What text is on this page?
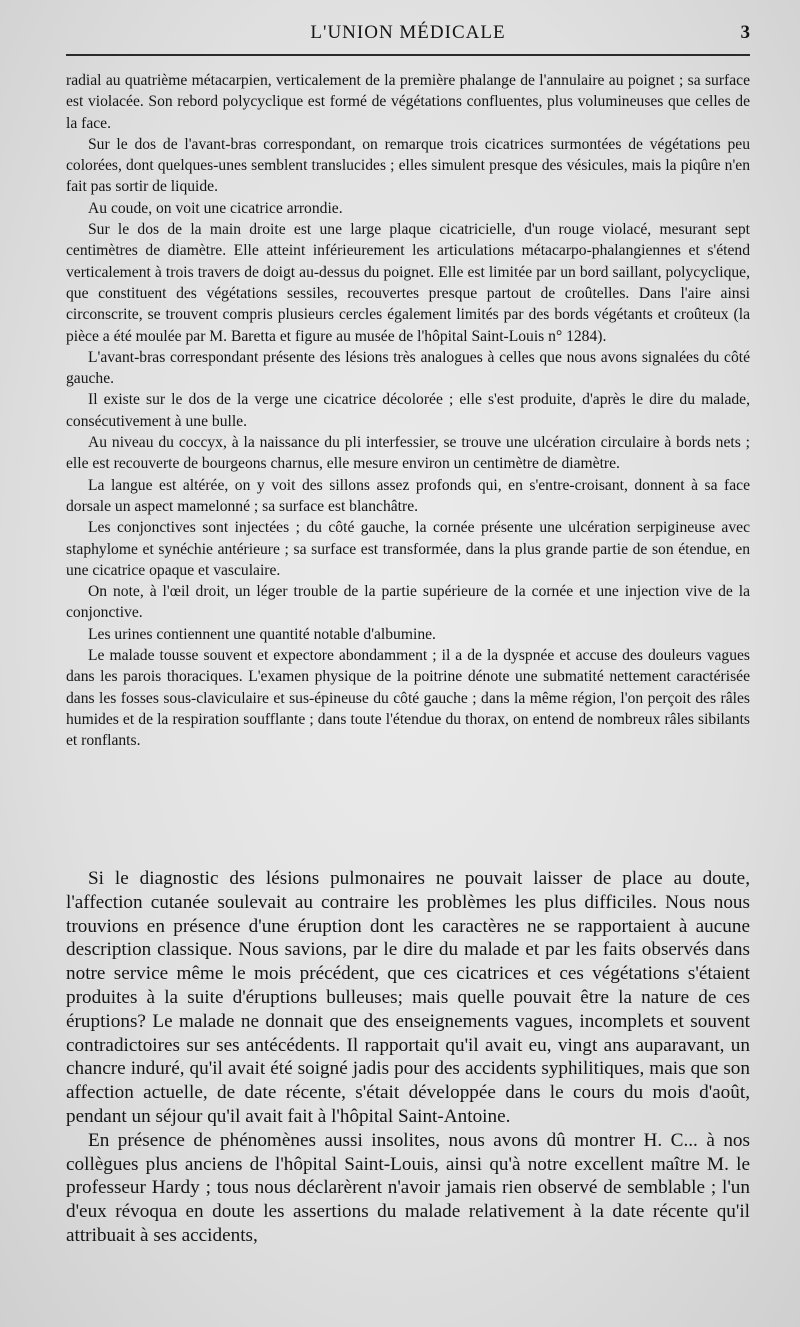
L'UNION MÉDICALE	3

radial au quatrième métacarpien, verticalement de la première phalange de l'annulaire au poignet ; sa surface est violacée. Son rebord polycyclique est formé de végétations confluentes, plus volumineuses que celles de la face.

Sur le dos de l'avant-bras correspondant, on remarque trois cicatrices surmontées de végétations peu colorées, dont quelques-unes semblent translucides ; elles simulent presque des vésicules, mais la piqûre n'en fait pas sortir de liquide.

Au coude, on voit une cicatrice arrondie.

Sur le dos de la main droite est une large plaque cicatricielle, d'un rouge violacé, mesurant sept centimètres de diamètre. Elle atteint inférieurement les articulations métacarpo-phalangiennes et s'étend verticalement à trois travers de doigt au-dessus du poignet. Elle est limitée par un bord saillant, polycyclique, que constituent des végétations sessiles, recouvertes presque partout de croûtelles. Dans l'aire ainsi circonscrite, se trouvent compris plusieurs cercles également limités par des bords végétants et croûteux (la pièce a été moulée par M. Baretta et figure au musée de l'hôpital Saint-Louis n° 1284).

L'avant-bras correspondant présente des lésions très analogues à celles que nous avons signalées du côté gauche.

Il existe sur le dos de la verge une cicatrice décolorée ; elle s'est produite, d'après le dire du malade, consécutivement à une bulle.

Au niveau du coccyx, à la naissance du pli interfessier, se trouve une ulcération circulaire à bords nets ; elle est recouverte de bourgeons charnus, elle mesure environ un centimètre de diamètre.

La langue est altérée, on y voit des sillons assez profonds qui, en s'entre-croisant, donnent à sa face dorsale un aspect mamelonné ; sa surface est blanchâtre.

Les conjonctives sont injectées ; du côté gauche, la cornée présente une ulcération serpigineuse avec staphylome et synéchie antérieure ; sa surface est transformée, dans la plus grande partie de son étendue, en une cicatrice opaque et vasculaire.

On note, à l'œil droit, un léger trouble de la partie supérieure de la cornée et une injection vive de la conjonctive.

Les urines contiennent une quantité notable d'albumine.

Le malade tousse souvent et expectore abondamment ; il a de la dyspnée et accuse des douleurs vagues dans les parois thoraciques. L'examen physique de la poitrine dénote une submatité nettement caractérisée dans les fosses sous-claviculaire et sus-épineuse du côté gauche ; dans la même région, l'on perçoit des râles humides et de la respiration soufflante ; dans toute l'étendue du thorax, on entend de nombreux râles sibilants et ronflants.

Si le diagnostic des lésions pulmonaires ne pouvait laisser de place au doute, l'affection cutanée soulevait au contraire les problèmes les plus difficiles. Nous nous trouvions en présence d'une éruption dont les caractères ne se rapportaient à aucune description classique. Nous savions, par le dire du malade et par les faits observés dans notre service même le mois précédent, que ces cicatrices et ces végétations s'étaient produites à la suite d'éruptions bulleuses; mais quelle pouvait être la nature de ces éruptions? Le malade ne donnait que des enseignements vagues, incomplets et souvent contradictoires sur ses antécédents. Il rapportait qu'il avait eu, vingt ans auparavant, un chancre induré, qu'il avait été soigné jadis pour des accidents syphilitiques, mais que son affection actuelle, de date récente, s'était développée dans le cours du mois d'août, pendant un séjour qu'il avait fait à l'hôpital Saint-Antoine.

En présence de phénomènes aussi insolites, nous avons dû montrer H. C... à nos collègues plus anciens de l'hôpital Saint-Louis, ainsi qu'à notre excellent maître M. le professeur Hardy ; tous nous déclarèrent n'avoir jamais rien observé de semblable ; l'un d'eux révoqua en doute les assertions du malade relativement à la date récente qu'il attribuait à ses accidents,
